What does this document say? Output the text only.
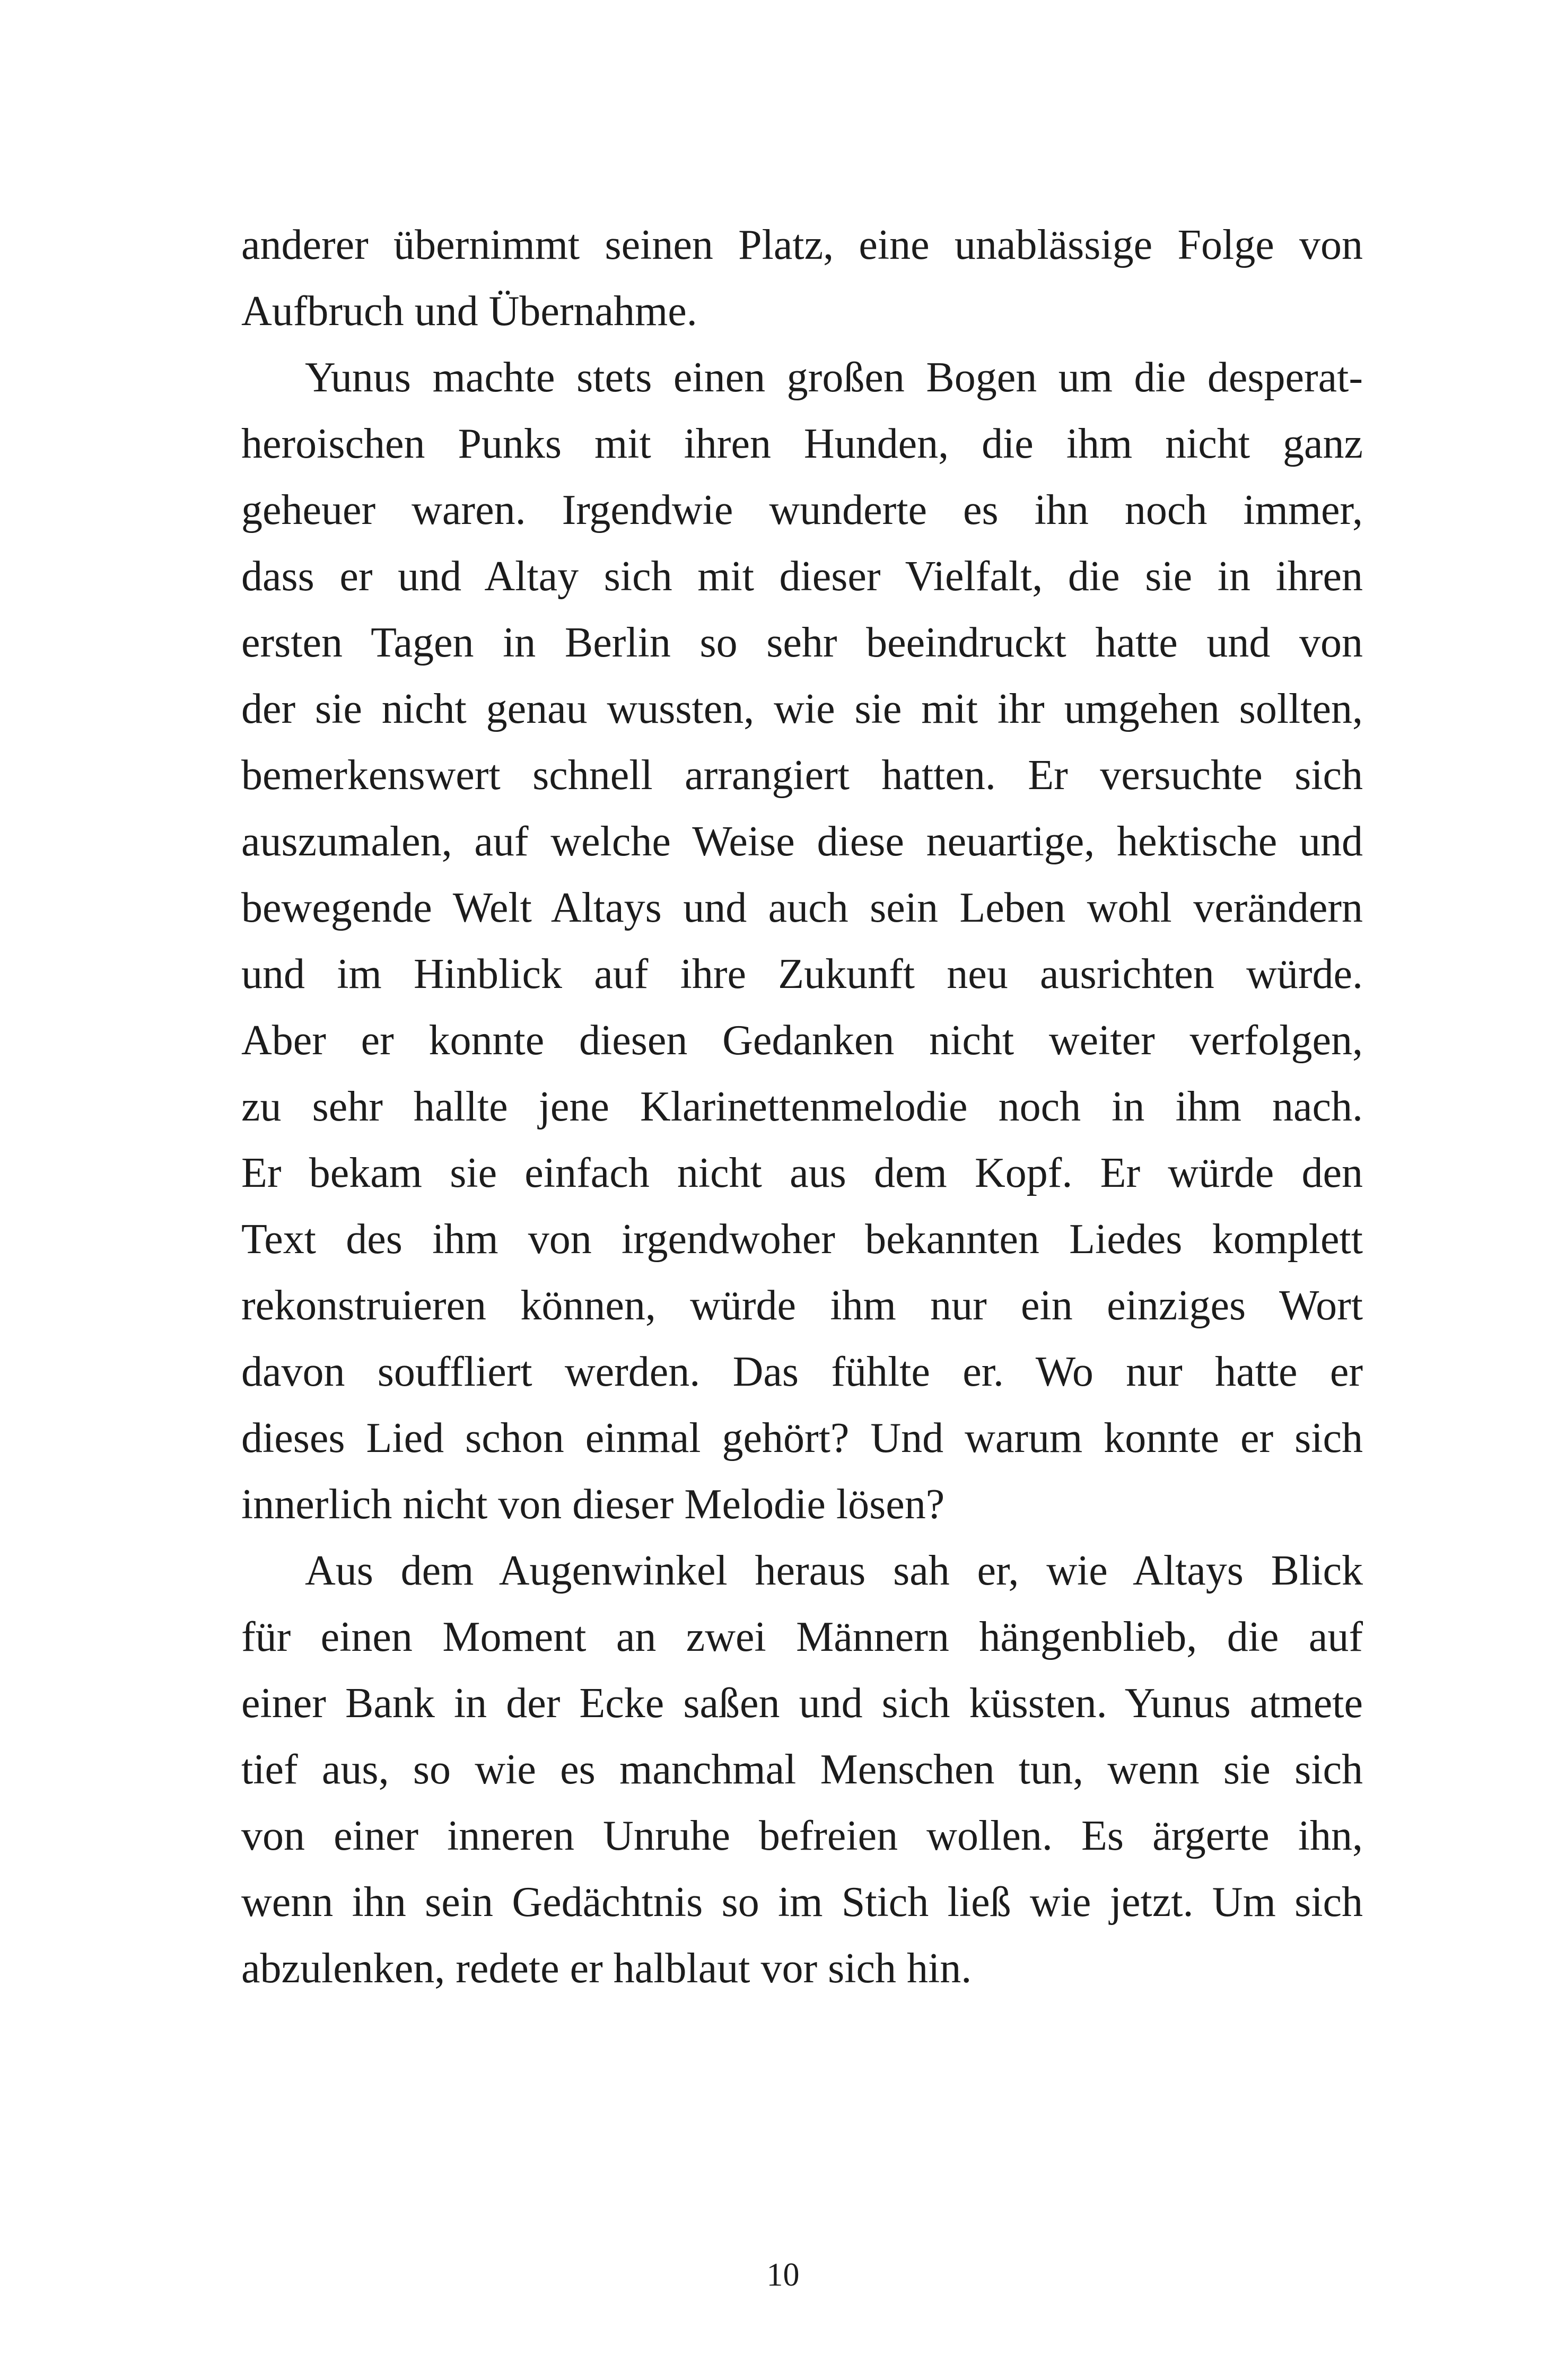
anderer übernimmt seinen Platz, eine unablässige Folge von
Aufbruch und Übernahme.
Yunus machte stets einen großen Bogen um die desperat-
heroischen Punks mit ihren Hunden, die ihm nicht ganz
geheuer waren. Irgendwie wunderte es ihn noch immer,
dass er und Altay sich mit dieser Vielfalt, die sie in ihren
ersten Tagen in Berlin so sehr beeindruckt hatte und von
der sie nicht genau wussten, wie sie mit ihr umgehen sollten,
bemerkenswert schnell arrangiert hatten. Er versuchte sich
auszumalen, auf welche Weise diese neuartige, hektische und
bewegende Welt Altays und auch sein Leben wohl verändern
und im Hinblick auf ihre Zukunft neu ausrichten würde.
Aber er konnte diesen Gedanken nicht weiter verfolgen,
zu sehr hallte jene Klarinettenmelodie noch in ihm nach.
Er bekam sie einfach nicht aus dem Kopf. Er würde den
Text des ihm von irgendwoher bekannten Liedes komplett
rekonstruieren können, würde ihm nur ein einziges Wort
davon souffliert werden. Das fühlte er. Wo nur hatte er
dieses Lied schon einmal gehört? Und warum konnte er sich
innerlich nicht von dieser Melodie lösen?
Aus dem Augenwinkel heraus sah er, wie Altays Blick
für einen Moment an zwei Männern hängenblieb, die auf
einer Bank in der Ecke saßen und sich küssten. Yunus atmete
tief aus, so wie es manchmal Menschen tun, wenn sie sich
von einer inneren Unruhe befreien wollen. Es ärgerte ihn,
wenn ihn sein Gedächtnis so im Stich ließ wie jetzt. Um sich
abzulenken, redete er halblaut vor sich hin.
10
